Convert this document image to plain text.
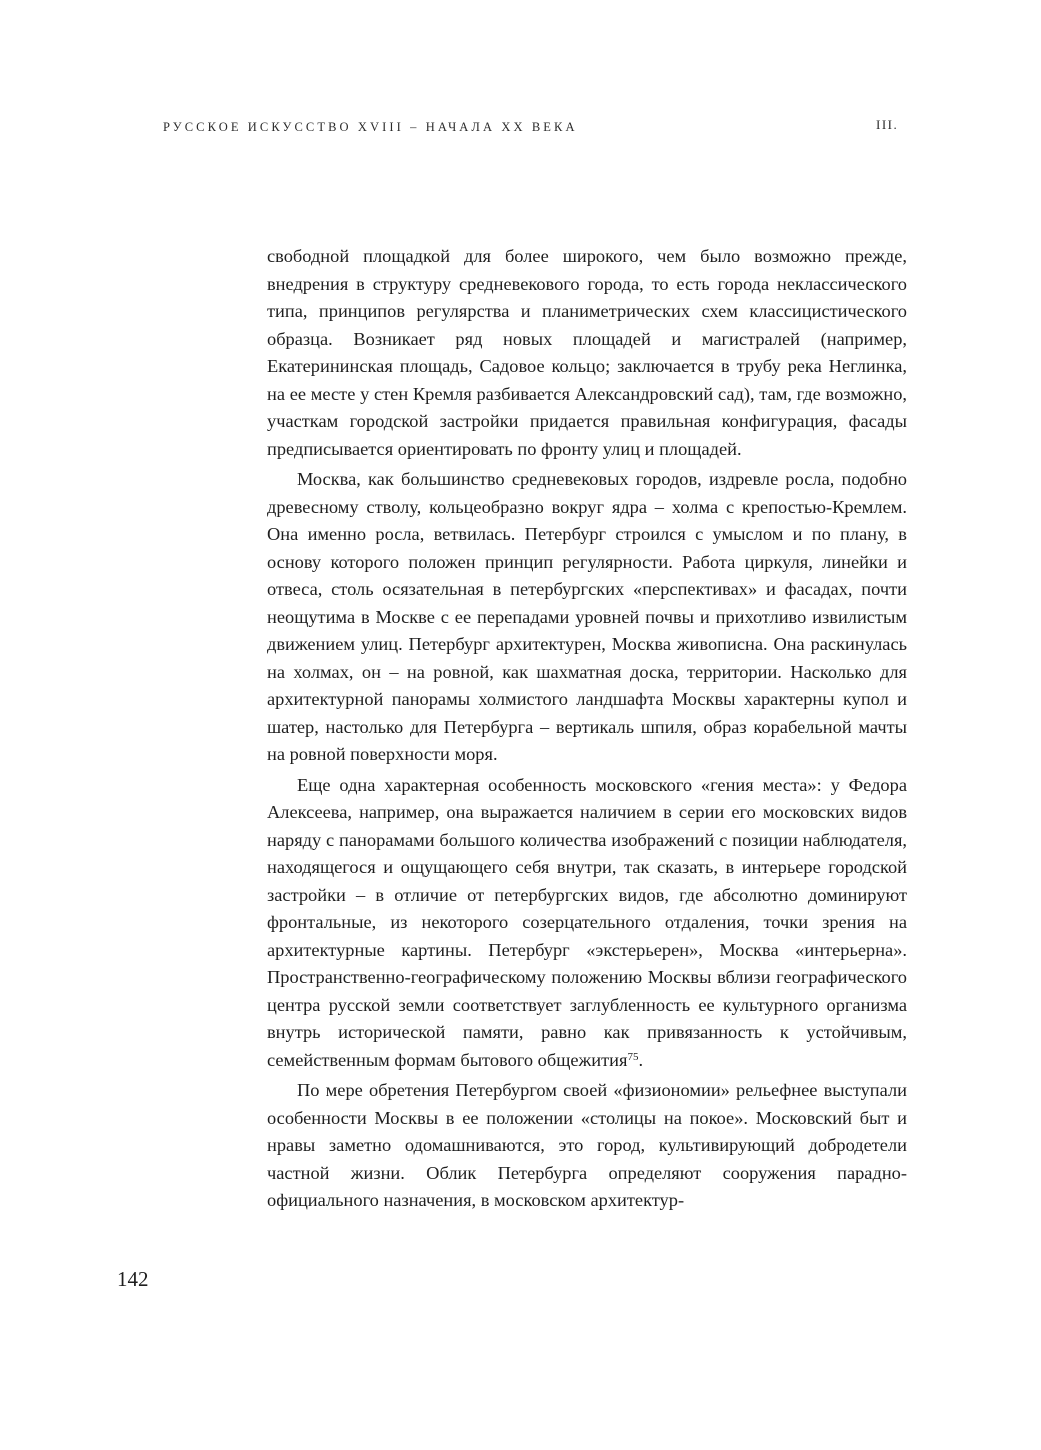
РУССКОЕ ИСКУССТВО XVIII – НАЧАЛА XX ВЕКА	III.

свободной площадкой для более широкого, чем было возможно прежде, внедрения в структуру средневекового города, то есть города неклассического типа, принципов регулярства и планиметрических схем классицистического образца. Возникает ряд новых площадей и магистралей (например, Екатерининская площадь, Садовое кольцо; заключается в трубу река Неглинка, на ее месте у стен Кремля разбивается Александровский сад), там, где возможно, участкам городской застройки придается правильная конфигурация, фасады предписывается ориентировать по фронту улиц и площадей.

Москва, как большинство средневековых городов, издревле росла, подобно древесному стволу, кольцеобразно вокруг ядра – холма с крепостью-Кремлем. Она именно росла, ветвилась. Петербург строился с умыслом и по плану, в основу которого положен принцип регулярности. Работа циркуля, линейки и отвеса, столь осязательная в петербургских «перспективах» и фасадах, почти неощутима в Москве с ее перепадами уровней почвы и прихотливо извилистым движением улиц. Петербург архитектурен, Москва живописна. Она раскинулась на холмах, он – на ровной, как шахматная доска, территории. Насколько для архитектурной панорамы холмистого ландшафта Москвы характерны купол и шатер, настолько для Петербурга – вертикаль шпиля, образ корабельной мачты на ровной поверхности моря.

Еще одна характерная особенность московского «гения места»: у Федора Алексеева, например, она выражается наличием в серии его московских видов наряду с панорамами большого количества изображений с позиции наблюдателя, находящегося и ощущающего себя внутри, так сказать, в интерьере городской застройки – в отличие от петербургских видов, где абсолютно доминируют фронтальные, из некоторого созерцательного отдаления, точки зрения на архитектурные картины. Петербург «экстерьерен», Москва «интерьерна». Пространственно-географическому положению Москвы вблизи географического центра русской земли соответствует заглубленность ее культурного организма внутрь исторической памяти, равно как привязанность к устойчивым, семейственным формам бытового общежития$^{75}$.

По мере обретения Петербургом своей «физиономии» рельефнее выступали особенности Москвы в ее положении «столицы на покое». Московский быт и нравы заметно одомашниваются, это город, культивирующий добродетели частной жизни. Облик Петербурга определяют сооружения парадно-официального назначения, в московском архитектур-

142
